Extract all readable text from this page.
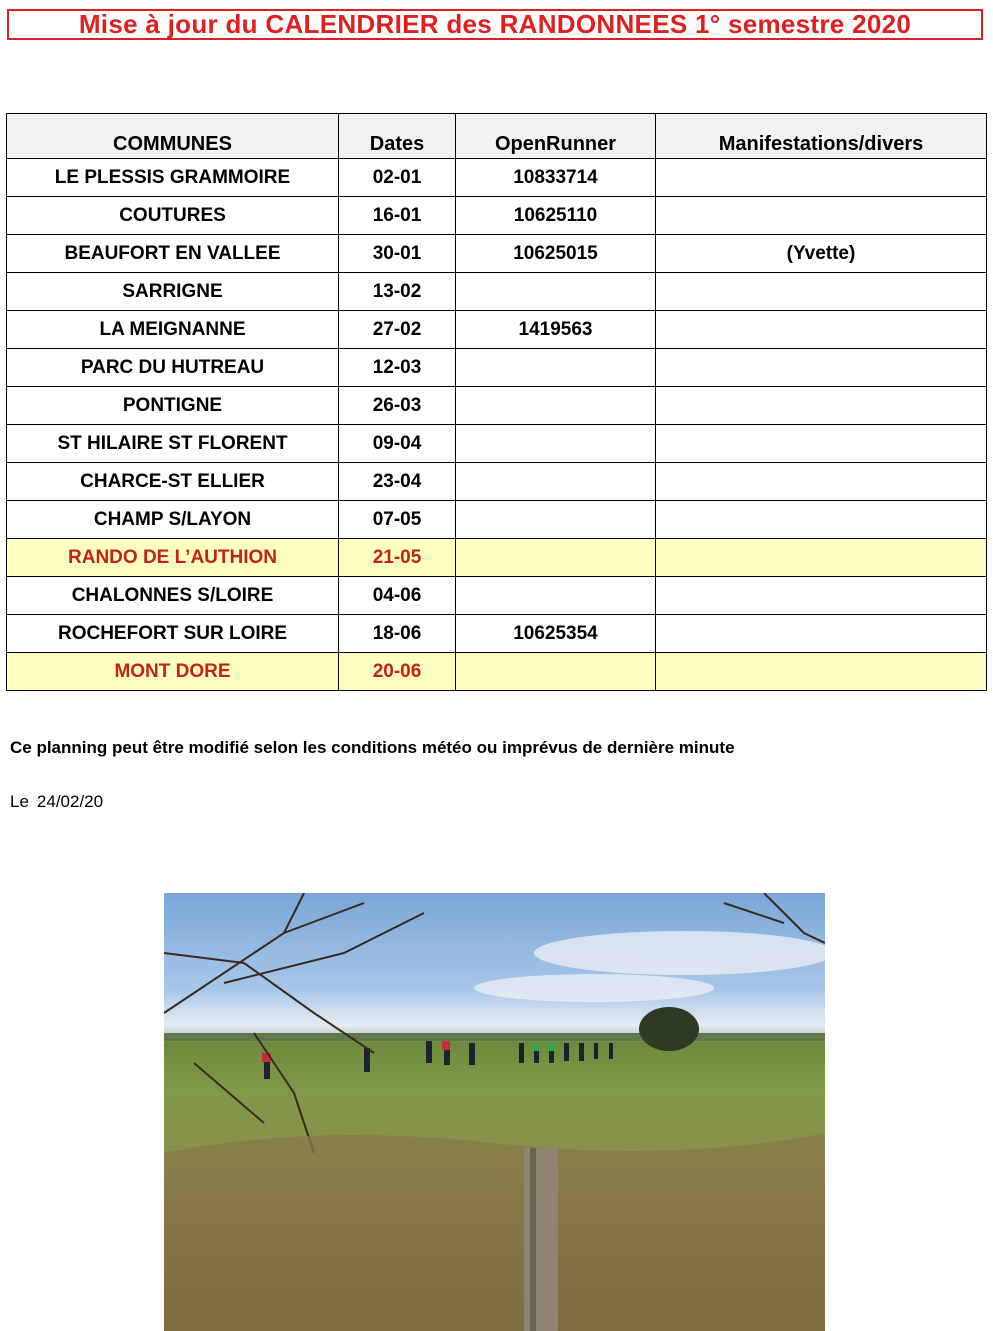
Mise à jour du CALENDRIER des RANDONNEES 1° semestre 2020
COMMUNES	Dates	OpenRunner	Manifestations/divers
LE PLESSIS GRAMMOIRE	02-01	10833714	
COUTURES	16-01	10625110	
BEAUFORT EN VALLEE	30-01	10625015	(Yvette)
SARRIGNE	13-02		
LA MEIGNANNE	27-02	1419563	
PARC DU HUTREAU	12-03		
PONTIGNE	26-03		
ST HILAIRE ST FLORENT	09-04		
CHARCE-ST ELLIER	23-04		
CHAMP S/LAYON	07-05		
RANDO DE L’AUTHION	21-05		
CHALONNES S/LOIRE	04-06		
ROCHEFORT SUR LOIRE	18-06	10625354	
MONT DORE	20-06		
Ce planning peut être modifié selon les conditions météo ou imprévus de dernière minute
Le 24/02/20
